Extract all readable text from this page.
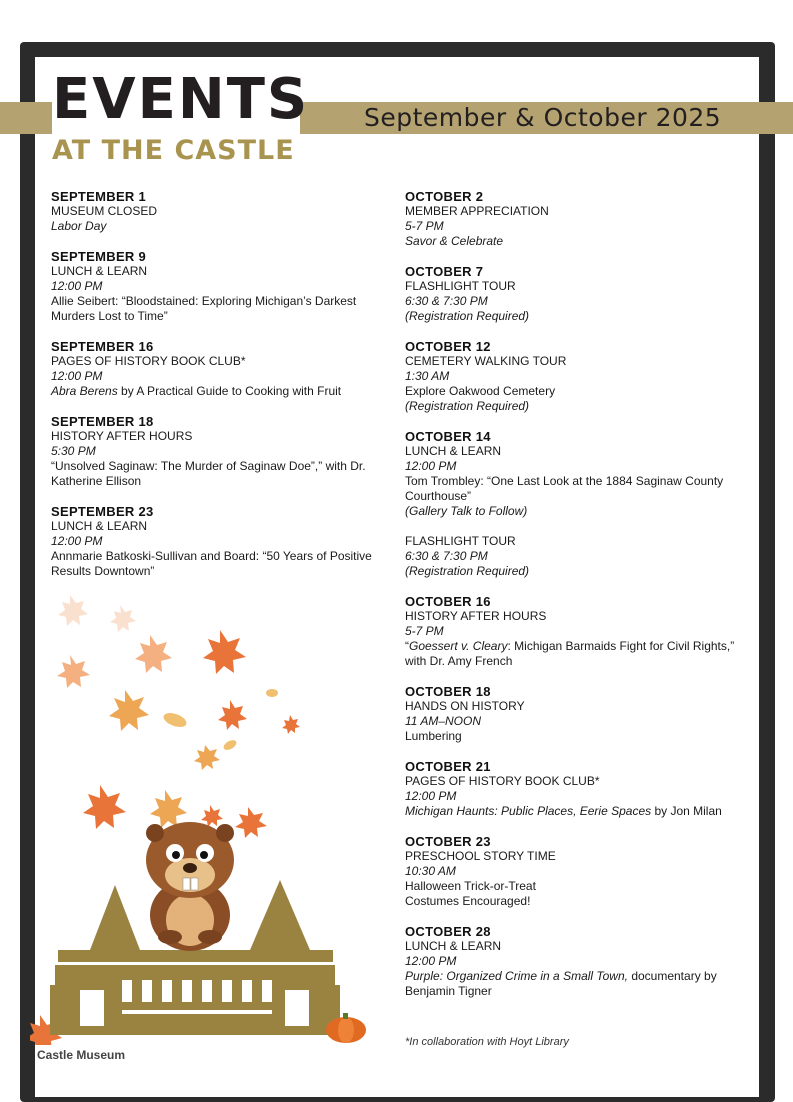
EVENTS
AT THE CASTLE
September & October 2025
SEPTEMBER 1
MUSEUM CLOSED
Labor Day
SEPTEMBER 9
LUNCH & LEARN
12:00 PM
Allie Seibert: “Bloodstained: Exploring Michigan’s Darkest Murders Lost to Time”
SEPTEMBER 16
PAGES OF HISTORY BOOK CLUB*
12:00 PM
Abra Berens by A Practical Guide to Cooking with Fruit
SEPTEMBER 18
HISTORY AFTER HOURS
5:30 PM
“Unsolved Saginaw: The Murder of Saginaw Doe”,” with Dr. Katherine Ellison
SEPTEMBER 23
LUNCH & LEARN
12:00 PM
Annmarie Batkoski-Sullivan and Board: “50 Years of Positive Results Downtown”
OCTOBER 2
MEMBER APPRECIATION
5-7 PM
Savor & Celebrate
OCTOBER 7
FLASHLIGHT TOUR
6:30 & 7:30 PM
(Registration Required)
OCTOBER 12
CEMETERY WALKING TOUR
1:30 AM
Explore Oakwood Cemetery
(Registration Required)
OCTOBER 14
LUNCH & LEARN
12:00 PM
Tom Trombley: “One Last Look at the 1884 Saginaw County Courthouse”
(Gallery Talk to Follow)
FLASHLIGHT TOUR
6:30 & 7:30 PM
(Registration Required)
OCTOBER 16
HISTORY AFTER HOURS
5-7 PM
“Goessert v. Cleary: Michigan Barmaids Fight for Civil Rights,” with Dr. Amy French
OCTOBER 18
HANDS ON HISTORY
11 AM–NOON
Lumbering
OCTOBER 21
PAGES OF HISTORY BOOK CLUB*
12:00 PM
Michigan Haunts: Public Places, Eerie Spaces by Jon Milan
OCTOBER 23
PRESCHOOL STORY TIME
10:30 AM
Halloween Trick-or-Treat
Costumes Encouraged!
OCTOBER 28
LUNCH & LEARN
12:00 PM
Purple: Organized Crime in a Small Town, documentary by Benjamin Tigner
*In collaboration with Hoyt Library
Castle Museum
